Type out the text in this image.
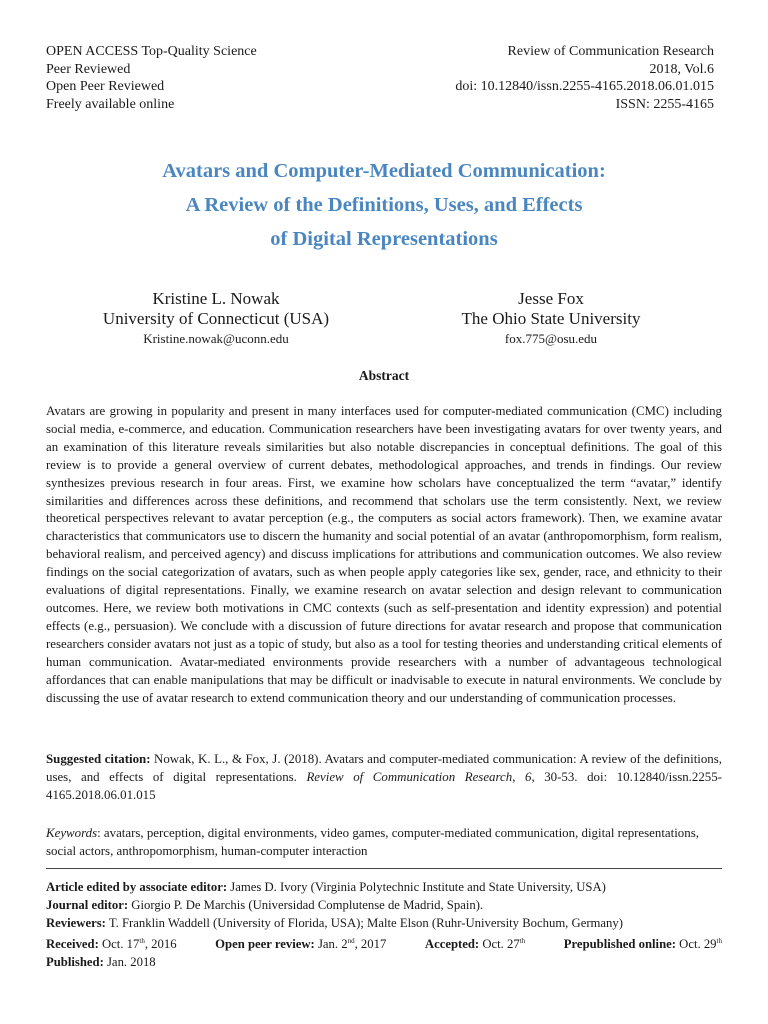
OPEN ACCESS Top-Quality Science
Peer Reviewed
Open Peer Reviewed
Freely available online
Review of Communication Research
2018, Vol.6
doi: 10.12840/issn.2255-4165.2018.06.01.015
ISSN: 2255-4165
Avatars and Computer-Mediated Communication:
A Review of the Definitions, Uses, and Effects
of Digital Representations
Kristine L. Nowak
University of Connecticut (USA)
Kristine.nowak@uconn.edu
Jesse Fox
The Ohio State University
fox.775@osu.edu
Abstract

Avatars are growing in popularity and present in many interfaces used for computer-mediated communication (CMC) including social media, e-commerce, and education. Communication researchers have been investigating avatars for over twenty years, and an examination of this literature reveals similarities but also notable discrepancies in conceptual definitions. The goal of this review is to provide a general overview of current debates, methodological approaches, and trends in findings. Our review synthesizes previous research in four areas. First, we examine how scholars have conceptualized the term “avatar,” identify similarities and differences across these definitions, and recommend that scholars use the term consistently. Next, we review theoretical perspectives relevant to avatar perception (e.g., the computers as social actors framework). Then, we examine avatar characteristics that communicators use to discern the humanity and social potential of an avatar (anthropomorphism, form realism, behavioral realism, and perceived agency) and discuss implications for attributions and communication outcomes. We also review findings on the social categorization of avatars, such as when people apply categories like sex, gender, race, and ethnicity to their evaluations of digital representations. Finally, we examine research on avatar selection and design relevant to communication outcomes. Here, we review both motivations in CMC contexts (such as self-presentation and identity expression) and potential effects (e.g., persuasion). We conclude with a discussion of future directions for avatar research and propose that communication researchers consider avatars not just as a topic of study, but also as a tool for testing theories and understanding critical elements of human communication. Avatar-mediated environments provide researchers with a number of advantageous technological affordances that can enable manipulations that may be difficult or inadvisable to execute in natural environments. We conclude by discussing the use of avatar research to extend communication theory and our understanding of communication processes.

Suggested citation: Nowak, K. L., & Fox, J. (2018). Avatars and computer-mediated communication: A review of the definitions, uses, and effects of digital representations. Review of Communication Research, 6, 30-53. doi: 10.12840/issn.2255-4165.2018.06.01.015
Keywords: avatars, perception, digital environments, video games, computer-mediated communication, digital representations, social actors, anthropomorphism, human-computer interaction
Article edited by associate editor: James D. Ivory (Virginia Polytechnic Institute and State University, USA)
Journal editor: Giorgio P. De Marchis (Universidad Complutense de Madrid, Spain).
Reviewers: T. Franklin Waddell (University of Florida, USA); Malte Elson (Ruhr-University Bochum, Germany)
Received: Oct. 17th, 2016	Open peer review: Jan. 2nd, 2017	Accepted: Oct. 27th	Prepublished online: Oct. 29th
Published: Jan. 2018
